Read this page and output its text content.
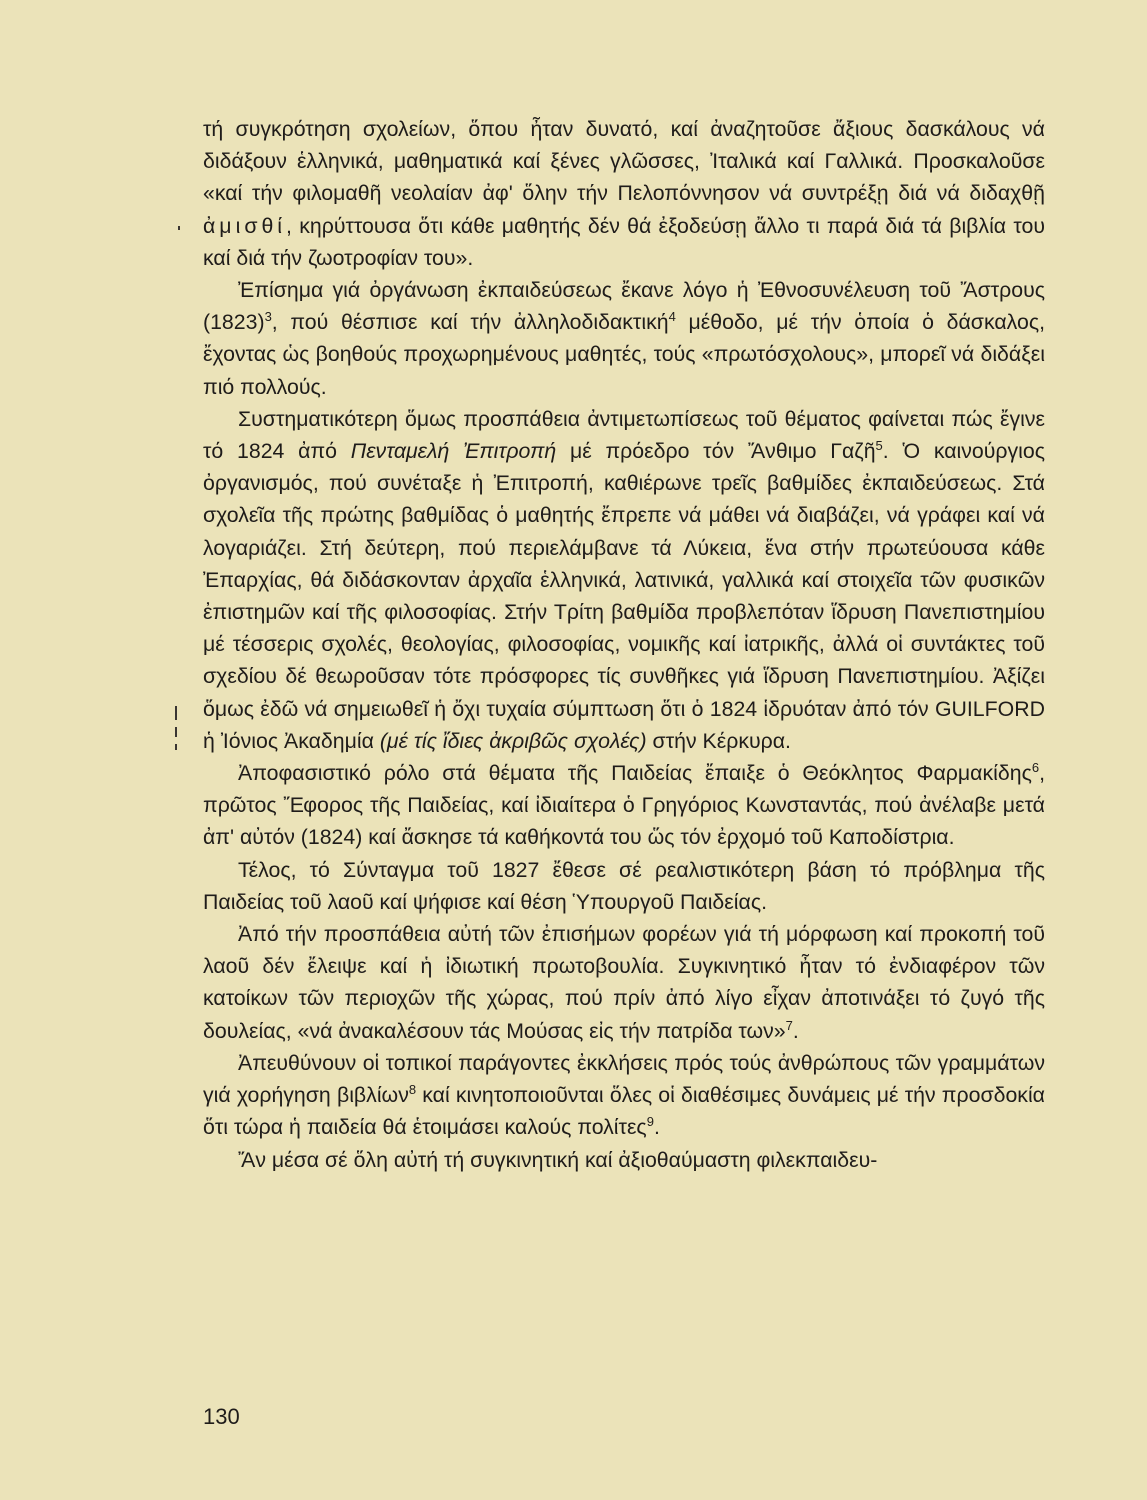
τή συγκρότηση σχολείων, ὅπου ἦταν δυνατό, καί ἀναζητοῦσε ἄξιους δασκάλους νά διδάξουν ἑλληνικά, μαθηματικά καί ξένες γλῶσσες, Ἰταλικά καί Γαλλικά. Προσκαλοῦσε «καί τήν φιλομαθῆ νεολαίαν ἀφ' ὅλην τήν Πελοπόννησον νά συντρέξῃ διά νά διδαχθῇ ἀμισθί, κηρύττουσα ὅτι κάθε μαθητής δέν θά ἐξοδεύσῃ ἄλλο τι παρά διά τά βιβλία του καί διά τήν ζωοτροφίαν του».

Ἐπίσημα γιά ὀργάνωση ἐκπαιδεύσεως ἔκανε λόγο ἡ Ἐθνοσυνέλευση τοῦ Ἄστρους $(1823)^3$, πού θέσπισε καί τήν ἀλληλοδιδακτική$^4$ μέθοδο, μέ τήν ὁποία ὁ δάσκαλος, ἔχοντας ὡς βοηθούς προχωρημένους μαθητές, τούς «πρωτόσχολους», μπορεῖ νά διδάξει πιό πολλούς.

Συστηματικότερη ὅμως προσπάθεια ἀντιμετωπίσεως τοῦ θέματος φαίνεται πώς ἔγινε τό 1824 ἀπό Πενταμελή Ἐπιτροπή μέ πρόεδρο τόν Ἄνθιμο Γαζῆ$^5$. Ὁ καινούργιος ὀργανισμός, πού συνέταξε ἡ Ἐπιτροπή, καθιέρωνε τρεῖς βαθμίδες ἐκπαιδεύσεως. Στά σχολεῖα τῆς πρώτης βαθμίδας ὁ μαθητής ἔπρεπε νά μάθει νά διαβάζει, νά γράφει καί νά λογαριάζει. Στή δεύτερη, πού περιελάμβανε τά Λύκεια, ἕνα στήν πρωτεύουσα κάθε Ἐπαρχίας, θά διδάσκονταν ἀρχαῖα ἑλληνικά, λατινικά, γαλλικά καί στοιχεῖα τῶν φυσικῶν ἐπιστημῶν καί τῆς φιλοσοφίας. Στήν Τρίτη βαθμίδα προβλεπόταν ἵδρυση Πανεπιστημίου μέ τέσσερις σχολές, θεολογίας, φιλοσοφίας, νομικῆς καί ἰατρικῆς, ἀλλά οἱ συντάκτες τοῦ σχεδίου δέ θεωροῦσαν τότε πρόσφορες τίς συνθῆκες γιά ἵδρυση Πανεπιστημίου. Ἀξίζει ὅμως ἐδῶ νά σημειωθεῖ ἡ ὄχι τυχαία σύμπτωση ὅτι ὁ 1824 ἱδρυόταν ἀπό τόν GUILFORD ἡ Ἰόνιος Ἀκαδημία (μέ τίς ἴδιες ἀκριβῶς σχολές) στήν Κέρκυρα.

Ἀποφασιστικό ρόλο στά θέματα τῆς Παιδείας ἔπαιξε ὁ Θεόκλητος Φαρμακίδης$^6$, πρῶτος Ἔφορος τῆς Παιδείας, καί ἰδιαίτερα ὁ Γρηγόριος Κωνσταντάς, πού ἀνέλαβε μετά ἀπ' αὐτόν (1824) καί ἄσκησε τά καθήκοντά του ὥς τόν ἐρχομό τοῦ Καποδίστρια.

Τέλος, τό Σύνταγμα τοῦ 1827 ἔθεσε σέ ρεαλιστικότερη βάση τό πρόβλημα τῆς Παιδείας τοῦ λαοῦ καί ψήφισε καί θέση Ὑπουργοῦ Παιδείας.

Ἀπό τήν προσπάθεια αὐτή τῶν ἐπισήμων φορέων γιά τή μόρφωση καί προκοπή τοῦ λαοῦ δέν ἔλειψε καί ἡ ἰδιωτική πρωτοβουλία. Συγκινητικό ἦταν τό ἐνδιαφέρον τῶν κατοίκων τῶν περιοχῶν τῆς χώρας, πού πρίν ἀπό λίγο εἶχαν ἀποτινάξει τό ζυγό τῆς δουλείας, «νά ἀνακαλέσουν τάς Μούσας εἰς τήν πατρίδα των»$^7$.

Ἀπευθύνουν οἱ τοπικοί παράγοντες ἐκκλήσεις πρός τούς ἀνθρώπους τῶν γραμμάτων γιά χορήγηση βιβλίων$^8$ καί κινητοποιοῦνται ὅλες οἱ διαθέσιμες δυνάμεις μέ τήν προσδοκία ὅτι τώρα ἡ παιδεία θά ἑτοιμάσει καλούς πολίτες$^9$.

Ἄν μέσα σέ ὅλη αὐτή τή συγκινητική καί ἀξιοθαύμαστη φιλεκπαιδευ-

130
